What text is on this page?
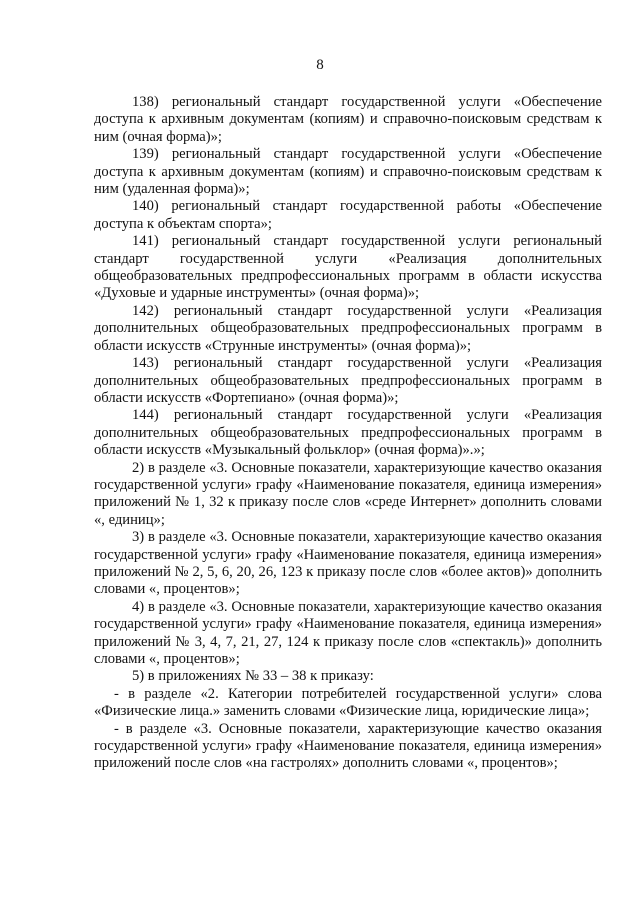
8

138) региональный стандарт государственной услуги «Обеспечение доступа к архивным документам (копиям) и справочно-поисковым средствам к ним (очная форма)»;

139) региональный стандарт государственной услуги «Обеспечение доступа к архивным документам (копиям) и справочно-поисковым средствам к ним (удаленная форма)»;

140) региональный стандарт государственной работы «Обеспечение доступа к объектам спорта»;

141) региональный стандарт государственной услуги региональный стандарт государственной услуги «Реализация дополнительных общеобразовательных предпрофессиональных программ в области искусства «Духовые и ударные инструменты» (очная форма)»;

142) региональный стандарт государственной услуги «Реализация дополнительных общеобразовательных предпрофессиональных программ в области искусств «Струнные инструменты» (очная форма)»;

143) региональный стандарт государственной услуги «Реализация дополнительных общеобразовательных предпрофессиональных программ в области искусств «Фортепиано» (очная форма)»;

144) региональный стандарт государственной услуги «Реализация дополнительных общеобразовательных предпрофессиональных программ в области искусств «Музыкальный фольклор» (очная форма)».»;

2) в разделе «3. Основные показатели, характеризующие качество оказания государственной услуги» графу «Наименование показателя, единица измерения» приложений № 1, 32 к приказу после слов «среде Интернет» дополнить словами «, единиц»;

3) в разделе «3. Основные показатели, характеризующие качество оказания государственной услуги» графу «Наименование показателя, единица измерения» приложений № 2, 5, 6, 20, 26, 123 к приказу после слов «более актов)» дополнить словами «, процентов»;

4) в разделе «3. Основные показатели, характеризующие качество оказания государственной услуги» графу «Наименование показателя, единица измерения» приложений № 3, 4, 7, 21, 27, 124 к приказу после слов «спектакль)» дополнить словами «, процентов»;

5) в приложениях № 33 – 38 к приказу:

- в разделе «2. Категории потребителей государственной услуги» слова «Физические лица.» заменить словами «Физические лица, юридические лица»;

- в разделе «3. Основные показатели, характеризующие качество оказания государственной услуги» графу «Наименование показателя, единица измерения» приложений после слов «на гастролях» дополнить словами «, процентов»;
